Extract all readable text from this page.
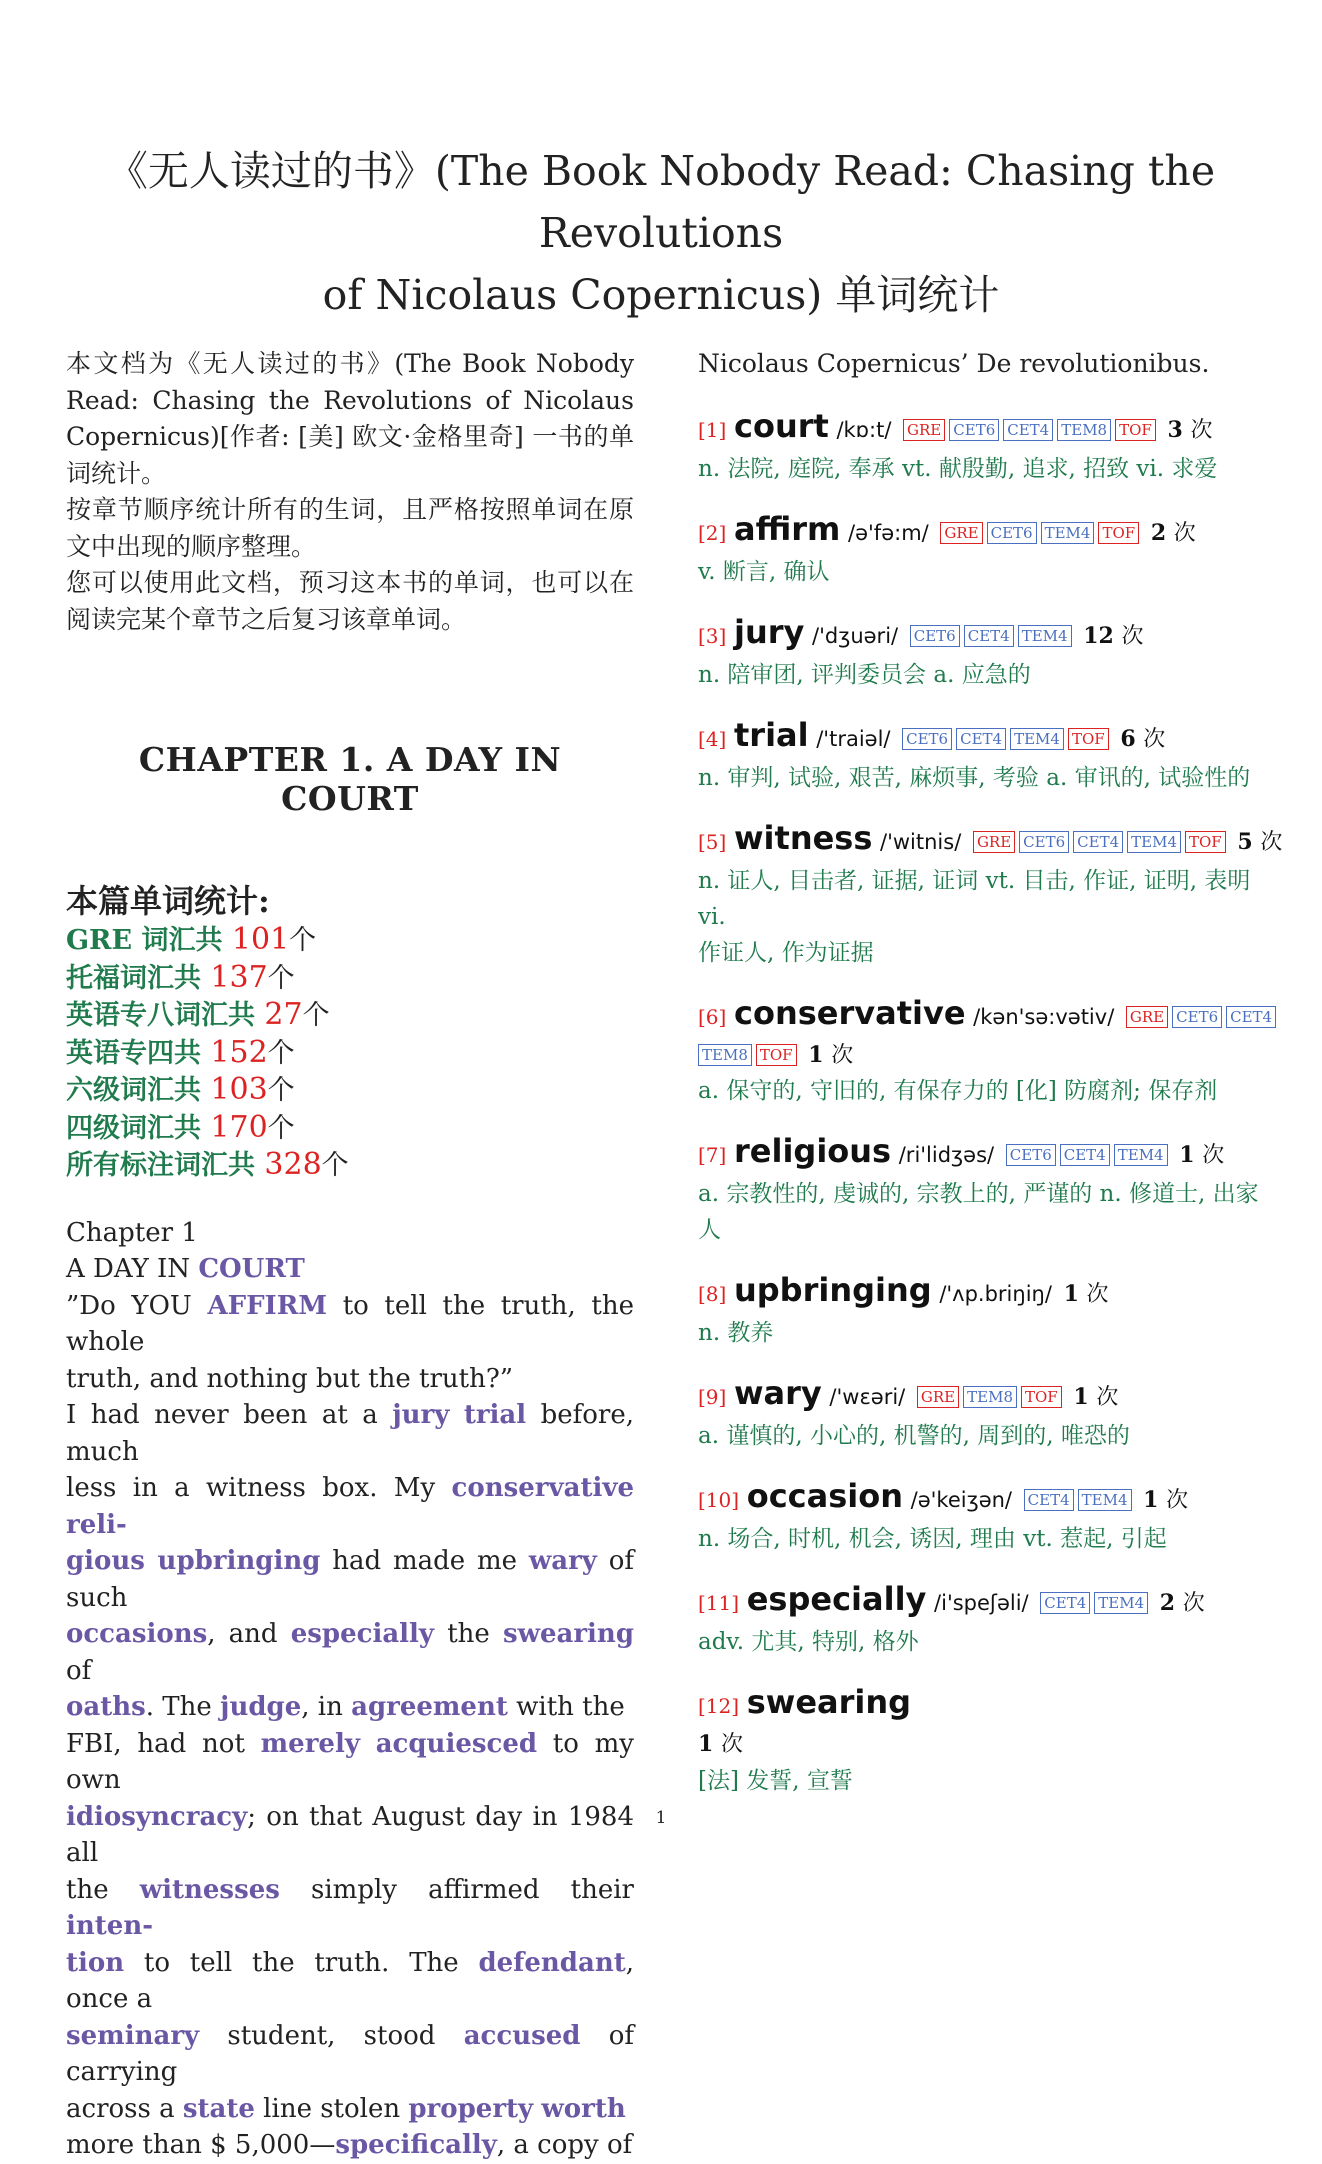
《无人读过的书》(The Book Nobody Read: Chasing the Revolutions
of Nicolaus Copernicus) 单词统计

本文档为《无人读过的书》(The Book Nobody Read: Chasing the Revolutions of Nicolaus Copernicus)[作者: [美] 欧文·金格里奇] 一书的单词统计。

按章节顺序统计所有的生词，且严格按照单词在原文中出现的顺序整理。

您可以使用此文档，预习这本书的单词，也可以在阅读完某个章节之后复习该章单词。

CHAPTER 1. A DAY IN COURT
本篇单词统计:
GRE 词汇共 101个
托福词汇共 137个
英语专八词汇共 27个
英语专四共 152个
六级词汇共 103个
四级词汇共 170个
所有标注词汇共 328个
Chapter 1
A DAY IN COURT
”Do YOU AFFIRM to tell the truth, the whole
truth, and nothing but the truth?”
I had never been at a jury trial before, much
less in a witness box. My conservative reli-
gious upbringing had made me wary of such
occasions, and especially the swearing of
oaths. The judge, in agreement with the
FBI, had not merely acquiesced to my own
idiosyncracy; on that August day in 1984 all
the witnesses simply affirmed their inten-
tion to tell the truth. The defendant, once a
seminary student, stood accused of carrying
across a state line stolen property worth
more than $ 5,000—specifically, a copy of
Nicolaus Copernicus’ De revolutionibus.
[1] court /kɒ:t/ GRE CET6 CET4 TEM8 TOF 3 次
n. 法院, 庭院, 奉承 vt. 献殷勤, 追求, 招致 vi. 求爱
[2] affirm /ə'fə:m/ GRE CET6 TEM4 TOF 2 次
v. 断言, 确认
[3] jury /'dʒuəri/ CET6 CET4 TEM4 12 次
n. 陪审团, 评判委员会 a. 应急的
[4] trial /'traiəl/ CET6 CET4 TEM4 TOF 6 次
n. 审判, 试验, 艰苦, 麻烦事, 考验 a. 审讯的, 试验性的
[5] witness /'witnis/ GRE CET6 CET4 TEM4 TOF 5 次
n. 证人, 目击者, 证据, 证词 vt. 目击, 作证, 证明, 表明 vi.
作证人, 作为证据
[6] conservative /kən'sə:vətiv/ GRE CET6 CET4
TEM8 TOF 1 次
a. 保守的, 守旧的, 有保存力的 [化] 防腐剂; 保存剂
[7] religious /ri'lidʒəs/ CET6 CET4 TEM4 1 次
a. 宗教性的, 虔诚的, 宗教上的, 严谨的 n. 修道士, 出家
人
[8] upbringing /'ʌp.briŋiŋ/ 1 次
n. 教养
[9] wary /'wɛəri/ GRE TEM8 TOF 1 次
a. 谨慎的, 小心的, 机警的, 周到的, 唯恐的
[10] occasion /ə'keiʒən/ CET4 TEM4 1 次
n. 场合, 时机, 机会, 诱因, 理由 vt. 惹起, 引起
[11] especially /i'speʃəli/ CET4 TEM4 2 次
adv. 尤其, 特别, 格外
[12] swearing
1 次
[法] 发誓, 宣誓
1
